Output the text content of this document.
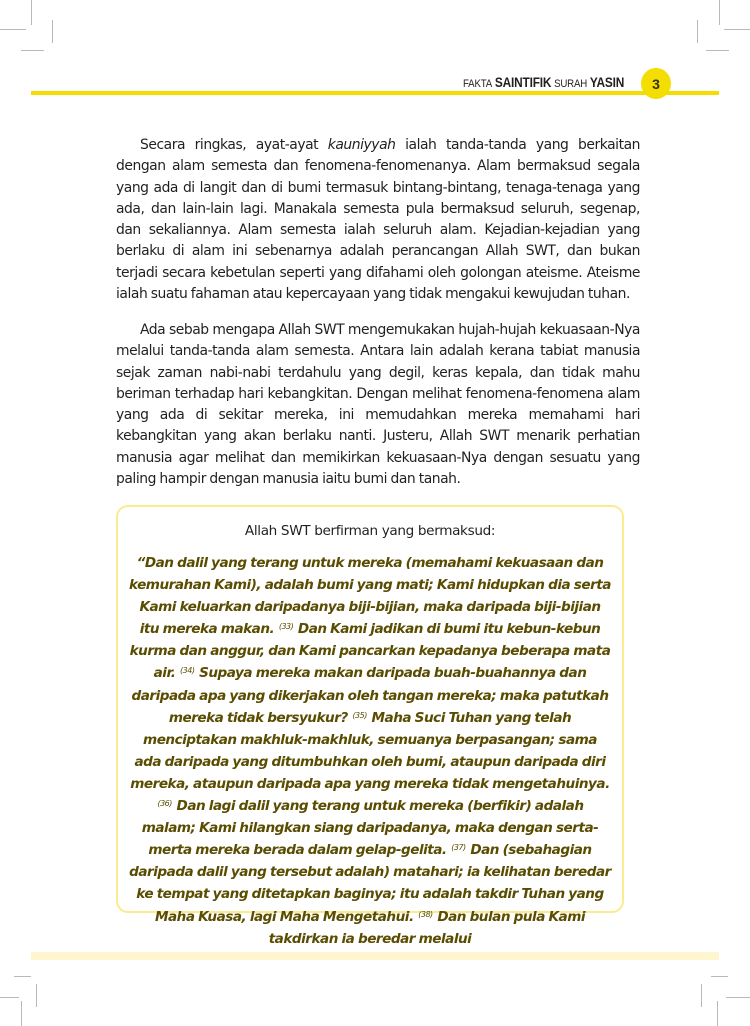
FAKTA SAINTIFIK SURAH YASIN	3

Secara ringkas, ayat-ayat kauniyyah ialah tanda-tanda yang berkaitan dengan alam semesta dan fenomena-fenomenanya. Alam bermaksud segala yang ada di langit dan di bumi termasuk bintang-bintang, tenaga-tenaga yang ada, dan lain-lain lagi. Manakala semesta pula bermaksud seluruh, segenap, dan sekaliannya. Alam semesta ialah seluruh alam. Kejadian-kejadian yang berlaku di alam ini sebenarnya adalah perancangan Allah SWT, dan bukan terjadi secara kebetulan seperti yang difahami oleh golongan ateisme. Ateisme ialah suatu fahaman atau kepercayaan yang tidak mengakui kewujudan tuhan.

Ada sebab mengapa Allah SWT mengemukakan hujah-hujah kekuasaan-Nya melalui tanda-tanda alam semesta. Antara lain adalah kerana tabiat manusia sejak zaman nabi-nabi terdahulu yang degil, keras kepala, dan tidak mahu beriman terhadap hari kebangkitan. Dengan melihat fenomena-fenomena alam yang ada di sekitar mereka, ini memudahkan mereka memahami hari kebangkitan yang akan berlaku nanti. Justeru, Allah SWT menarik perhatian manusia agar melihat dan memikirkan kekuasaan-Nya dengan sesuatu yang paling hampir dengan manusia iaitu bumi dan tanah.

Allah SWT berfirman yang bermaksud:
“Dan dalil yang terang untuk mereka (memahami kekuasaan dan kemurahan Kami), adalah bumi yang mati; Kami hidupkan dia serta Kami keluarkan daripadanya biji-bijian, maka daripada biji-bijian itu mereka makan. $^{(33)}$ Dan Kami jadikan di bumi itu kebun-kebun kurma dan anggur, dan Kami pancarkan kepadanya beberapa mata air. $^{(34)}$ Supaya mereka makan daripada buah-buahannya dan daripada apa yang dikerjakan oleh tangan mereka; maka patutkah mereka tidak bersyukur? $^{(35)}$ Maha Suci Tuhan yang telah menciptakan makhluk-makhluk, semuanya berpasangan; sama ada daripada yang ditumbuhkan oleh bumi, ataupun daripada diri mereka, ataupun daripada apa yang mereka tidak mengetahuinya. $^{(36)}$ Dan lagi dalil yang terang untuk mereka (berfikir) adalah malam; Kami hilangkan siang daripadanya, maka dengan serta-merta mereka berada dalam gelap-gelita. $^{(37)}$ Dan (sebahagian daripada dalil yang tersebut adalah) matahari; ia kelihatan beredar ke tempat yang ditetapkan baginya; itu adalah takdir Tuhan yang Maha Kuasa, lagi Maha Mengetahui. $^{(38)}$ Dan bulan pula Kami takdirkan ia beredar melalui
